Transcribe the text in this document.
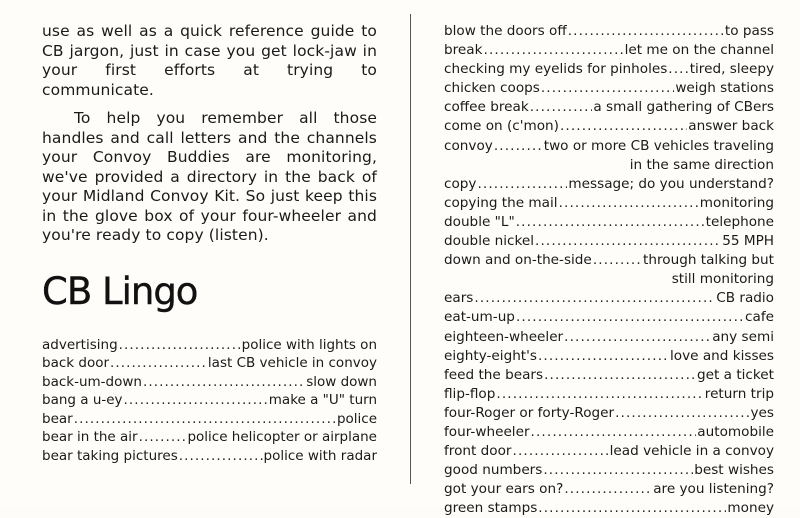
use as well as a quick reference guide to CB jargon, just in case you get lock-jaw in your first efforts at trying to communicate.

To help you remember all those handles and call letters and the channels your Convoy Buddies are monitoring, we've provided a directory in the back of your Midland Convoy Kit. So just keep this in the glove box of your four-wheeler and you're ready to copy (listen).

CB Lingo
advertising . . .	police with lights on
back door . . .	last CB vehicle in convoy
back-um-down . . .	slow down
bang a u-ey . . .	make a "U" turn
bear . . .	police
bear in the air . . .	police helicopter or airplane
bear taking pictures . . .	police with radar
blow the doors off . . .	to pass
break . . .	let me on the channel
checking my eyelids for pinholes . . . tired, sleepy
chicken coops . . .	weigh stations
coffee break . . .	a small gathering of CBers
come on (c'mon) . . .	answer back
convoy . . .	two or more CB vehicles traveling
in the same direction
copy . . .	message; do you understand?
copying the mail . . .	monitoring
double "L" . . .	telephone
double nickel . . .	55 MPH
down and on-the-side . . .	through talking but
still monitoring
ears . . .	CB radio
eat-um-up . . .	cafe
eighteen-wheeler . . .	any semi
eighty-eight's . . .	love and kisses
feed the bears . . .	get a ticket
flip-flop . . .	return trip
four-Roger or forty-Roger . . .	yes
four-wheeler . . .	automobile
front door . . .	lead vehicle in a convoy
good numbers . . .	best wishes
got your ears on? . . .	are you listening?
green stamps . . .	money
